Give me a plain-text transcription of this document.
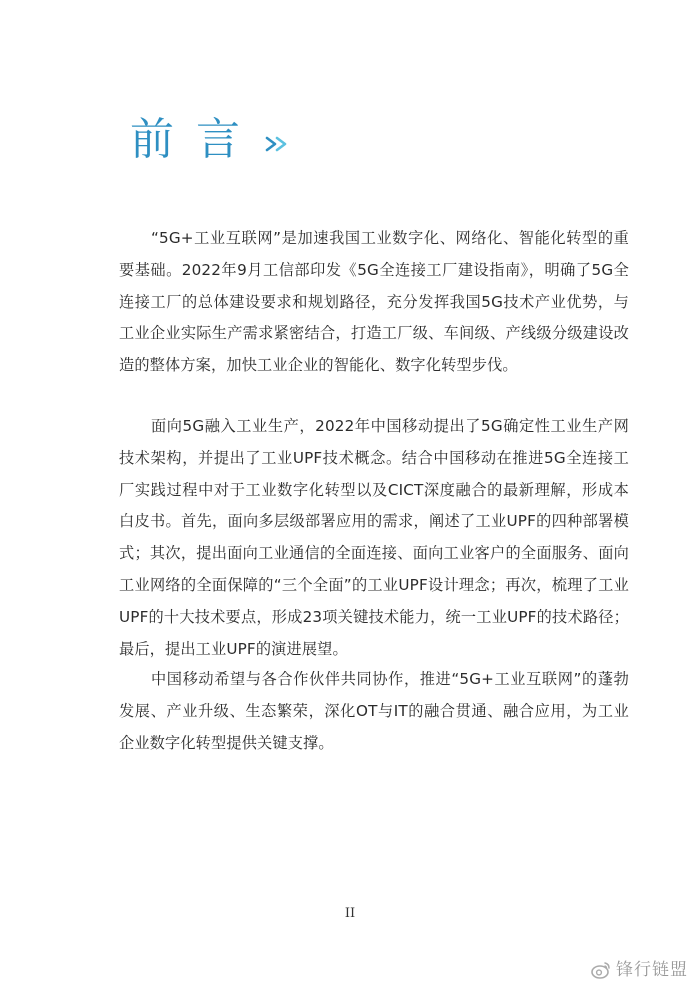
前言

“5G+工业互联网”是加速我国工业数字化、网络化、智能化转型的重要基础。2022年9月工信部印发《5G全连接工厂建设指南》，明确了5G全连接工厂的总体建设要求和规划路径，充分发挥我国5G技术产业优势，与工业企业实际生产需求紧密结合，打造工厂级、车间级、产线级分级建设改造的整体方案，加快工业企业的智能化、数字化转型步伐。

面向5G融入工业生产，2022年中国移动提出了5G确定性工业生产网技术架构，并提出了工业UPF技术概念。结合中国移动在推进5G全连接工厂实践过程中对于工业数字化转型以及CICT深度融合的最新理解，形成本白皮书。首先，面向多层级部署应用的需求，阐述了工业UPF的四种部署模式；其次，提出面向工业通信的全面连接、面向工业客户的全面服务、面向工业网络的全面保障的“三个全面”的工业UPF设计理念；再次，梳理了工业UPF的十大技术要点，形成23项关键技术能力，统一工业UPF的技术路径；最后，提出工业UPF的演进展望。

中国移动希望与各合作伙伴共同协作，推进“5G+工业互联网”的蓬勃发展、产业升级、生态繁荣，深化OT与IT的融合贯通、融合应用，为工业企业数字化转型提供关键支撑。

II
锋行链盟
